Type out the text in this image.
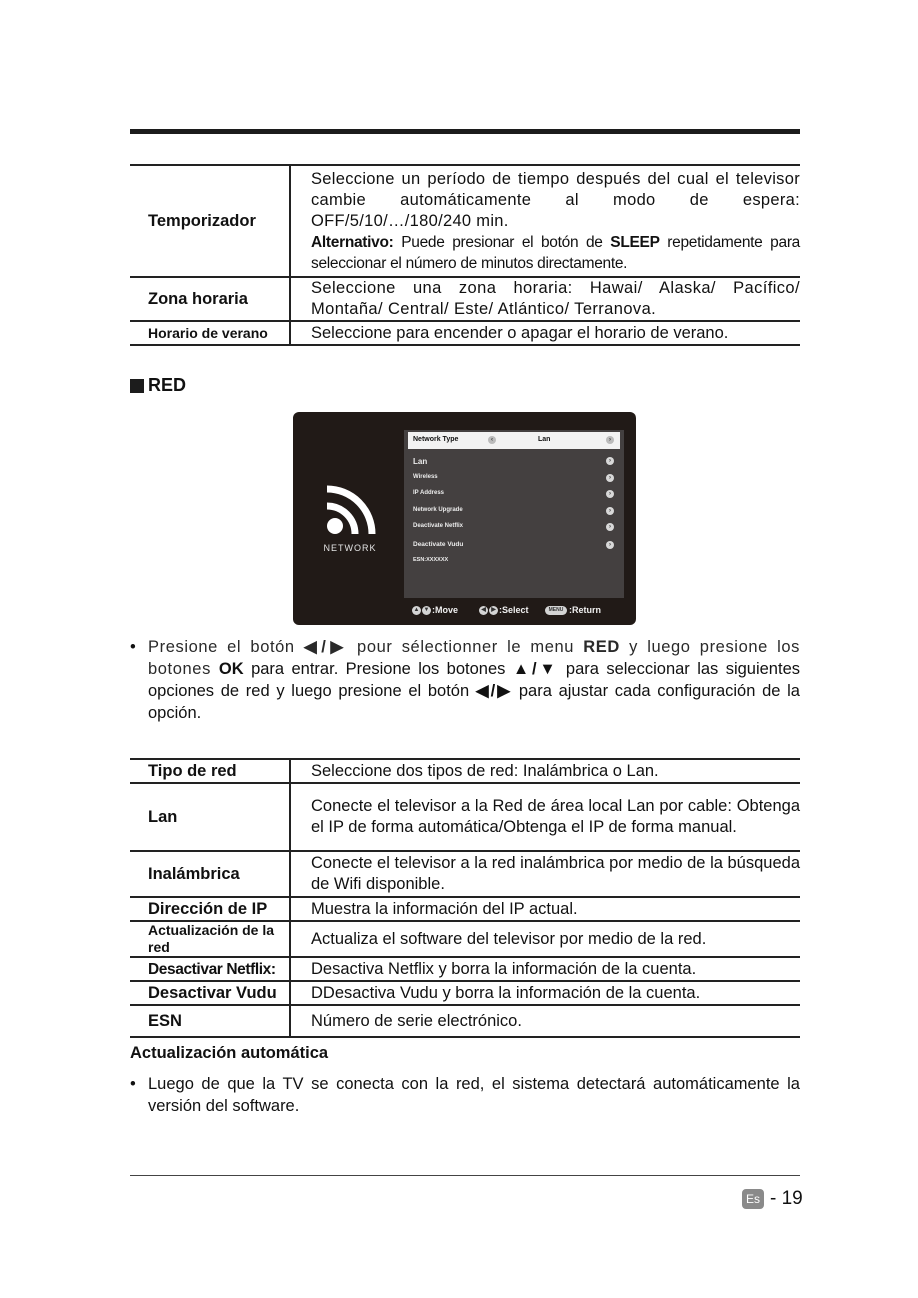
Temporizador	Seleccione un período de tiempo después del cual el televisor cambie automáticamente al modo de espera: OFF/5/10/…/180/240 min.
Alternativo: Puede presionar el botón de SLEEP repetidamente para seleccionar el número de minutos directamente.
Zona horaria	Seleccione una zona horaria: Hawai/ Alaska/ Pacífico/ Montaña/ Central/ Este/ Atlántico/ Terranova.
Horario de verano	Seleccione para encender o apagar el horario de verano.
RED
NETWORK
Network Type	‹	Lan	›
Lan	›
Wireless	›
IP Address	›
Network Upgrade	›
Deactivate Netflix	›
Deactivate Vudu	›
ESN:XXXXXX
▲ ▼ :Move	◀ ▶ :Select	MENU :Return
• Presione el botón ◀/▶ pour sélectionner le menu RED y luego presione los botones OK para entrar. Presione los botones ▲/▼ para seleccionar las siguientes opciones de red y luego presione el botón ◀/▶ para ajustar cada configuración de la opción.
Tipo de red	Seleccione dos tipos de red: Inalámbrica o Lan.
Lan	Conecte el televisor a la Red de área local Lan por cable: Obtenga el IP de forma automática/Obtenga el IP de forma manual.
Inalámbrica	Conecte el televisor a la red inalámbrica por medio de la búsqueda de Wifi disponible.
Dirección de IP	Muestra la información del IP actual.
Actualización de la red	Actualiza el software del televisor por medio de la red.
Desactivar Netflix:	Desactiva Netflix y borra la información de la cuenta.
Desactivar Vudu	DDesactiva Vudu y borra la información de la cuenta.
ESN	Número de serie electrónico.
Actualización automática
• Luego de que la TV se conecta con la red, el sistema detectará automáticamente la versión del software.
Es - 19
